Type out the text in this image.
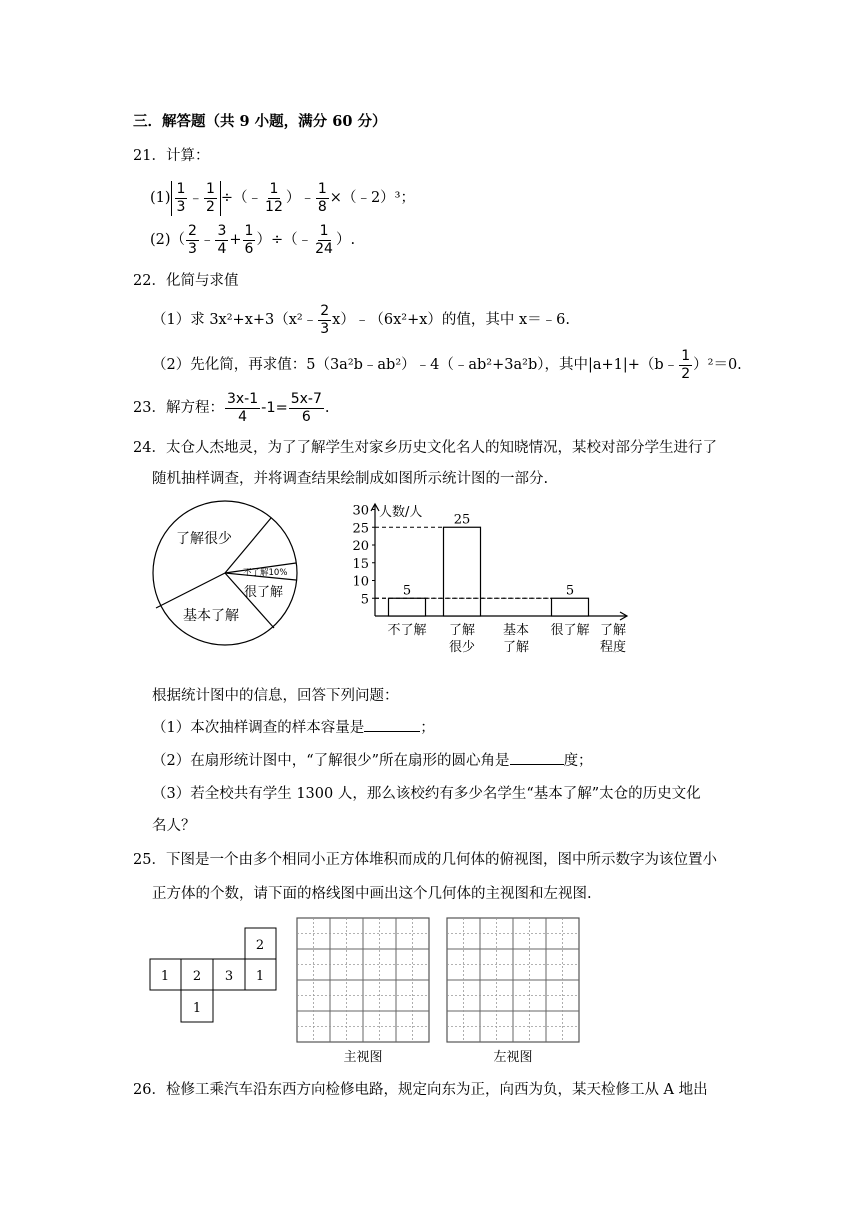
三．解答题（共 9 小题，满分 60 分）
21．计算：
$(1) \frac{1}{3}$ ﹣ $\frac{1}{2}$ ÷（﹣ $\frac{1}{12}$ ）﹣ $\frac{1}{8}$ ×（﹣2）³；
(2) （ $\frac{2}{3}$ ﹣ $\frac{3}{4} + \frac{1}{6}$ ）÷（﹣ $\frac{1}{24}$ ）.
22．化简与求值
（1）求 3x²+x+3（x²﹣ $\frac{2}{3}$ x）﹣（6x²+x）的值，其中 x＝﹣6.
（2）先化简，再求值：5（3a²b﹣ab²）﹣4（﹣ab²+3a²b），其中|a+1|+（b﹣ $\frac{1}{2} )^2=0$.
23．解方程： $\frac{3x-1}{4} -1= \frac{5x-7}{6}$ .
24．太仓人杰地灵，为了了解学生对家乡历史文化名人的知晓情况，某校对部分学生进行了
随机抽样调查，并将调查结果绘制成如图所示统计图的一部分.
了解很少
不了解10%
很了解
基本了解
人数/人
5
10
15
20
25
30
5
不了解
25
了解
很少
基本
了解
5
很了解 了解
程度
根据统计图中的信息，回答下列问题：
（1）本次抽样调查的样本容量是	；
（2）在扇形统计图中，“了解很少”所在扇形的圆心角是	度；
（3）若全校共有学生 1300 人，那么该校约有多少名学生“基本了解”太仓的历史文化
名人？
25．下图是一个由多个相同小正方体堆积而成的几何体的俯视图，图中所示数字为该位置小
正方体的个数，请下面的格线图中画出这个几何体的主视图和左视图.
2
1 2 3 1
1
主视图	左视图
26．检修工乘汽车沿东西方向检修电路，规定向东为正，向西为负，某天检修工从 A 地出
